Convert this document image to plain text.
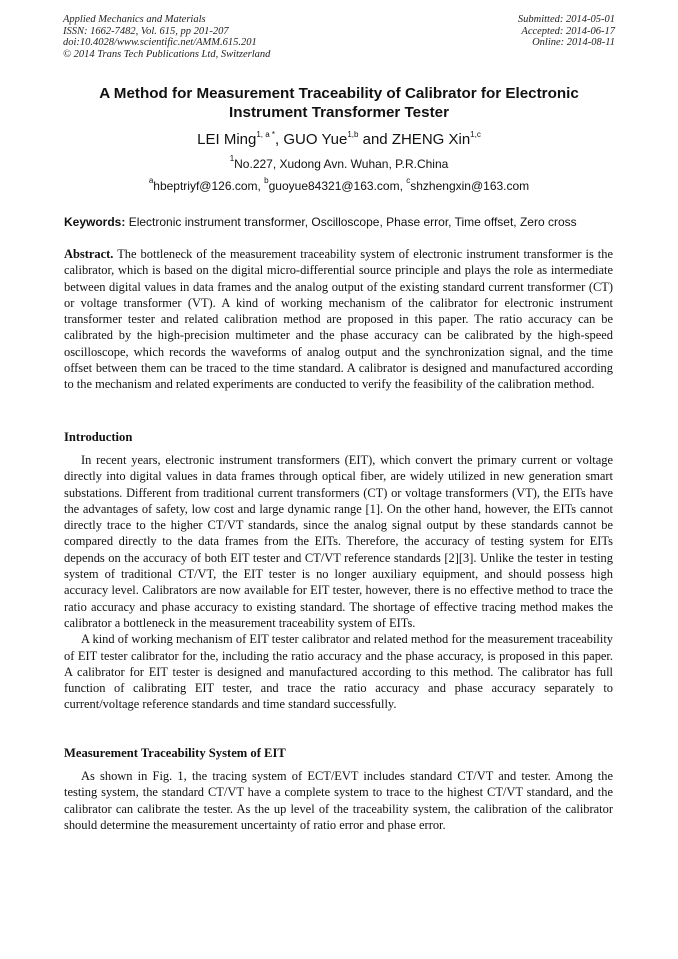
Applied Mechanics and Materials
ISSN: 1662-7482, Vol. 615, pp 201-207
doi:10.4028/www.scientific.net/AMM.615.201
© 2014 Trans Tech Publications Ltd, Switzerland
Submitted: 2014-05-01
Accepted: 2014-06-17
Online: 2014-08-11
A Method for Measurement Traceability of Calibrator for Electronic
Instrument Transformer Tester
LEI Ming$^{1, a *}$, GUO Yue$^{1,b}$ and ZHENG Xin$^{1,c}$
$^1$No.227, Xudong Avn. Wuhan, P.R.China
$^a$hbeptriyf@126.com, $^b$guoyue84321@163.com, $^c$shzhengxin@163.com
Keywords: Electronic instrument transformer, Oscilloscope, Phase error, Time offset, Zero cross

Abstract. The bottleneck of the measurement traceability system of electronic instrument transformer is the calibrator, which is based on the digital micro-differential source principle and plays the role as intermediate between digital values in data frames and the analog output of the existing standard current transformer (CT) or voltage transformer (VT). A kind of working mechanism of the calibrator for electronic instrument transformer tester and related calibration method are proposed in this paper. The ratio accuracy can be calibrated by the high-precision multimeter and the phase accuracy can be calibrated by the high-speed oscilloscope, which records the waveforms of analog output and the synchronization signal, and the time offset between them can be traced to the time standard. A calibrator is designed and manufactured according to the mechanism and related experiments are conducted to verify the feasibility of the calibration method.

Introduction

In recent years, electronic instrument transformers (EIT), which convert the primary current or voltage directly into digital values in data frames through optical fiber, are widely utilized in new generation smart substations. Different from traditional current transformers (CT) or voltage transformers (VT), the EITs have the advantages of safety, low cost and large dynamic range [1]. On the other hand, however, the EITs cannot directly trace to the higher CT/VT standards, since the analog signal output by these standards cannot be compared directly to the data frames from the EITs. Therefore, the accuracy of testing system for EITs depends on the accuracy of both EIT tester and CT/VT reference standards [2][3]. Unlike the tester in testing system of traditional CT/VT, the EIT tester is no longer auxiliary equipment, and should possess high accuracy level. Calibrators are now available for EIT tester, however, there is no effective method to trace the ratio accuracy and phase accuracy to existing standard. The shortage of effective tracing method makes the calibrator a bottleneck in the measurement traceability system of EITs.

A kind of working mechanism of EIT tester calibrator and related method for the measurement traceability of EIT tester calibrator for the, including the ratio accuracy and the phase accuracy, is proposed in this paper. A calibrator for EIT tester is designed and manufactured according to this method. The calibrator has full function of calibrating EIT tester, and trace the ratio accuracy and phase accuracy separately to current/voltage reference standards and time standard successfully.

Measurement Traceability System of EIT

As shown in Fig. 1, the tracing system of ECT/EVT includes standard CT/VT and tester. Among the testing system, the standard CT/VT have a complete system to trace to the highest CT/VT standard, and the calibrator can calibrate the tester. As the up level of the traceability system, the calibration of the calibrator should determine the measurement uncertainty of ratio error and phase error.
